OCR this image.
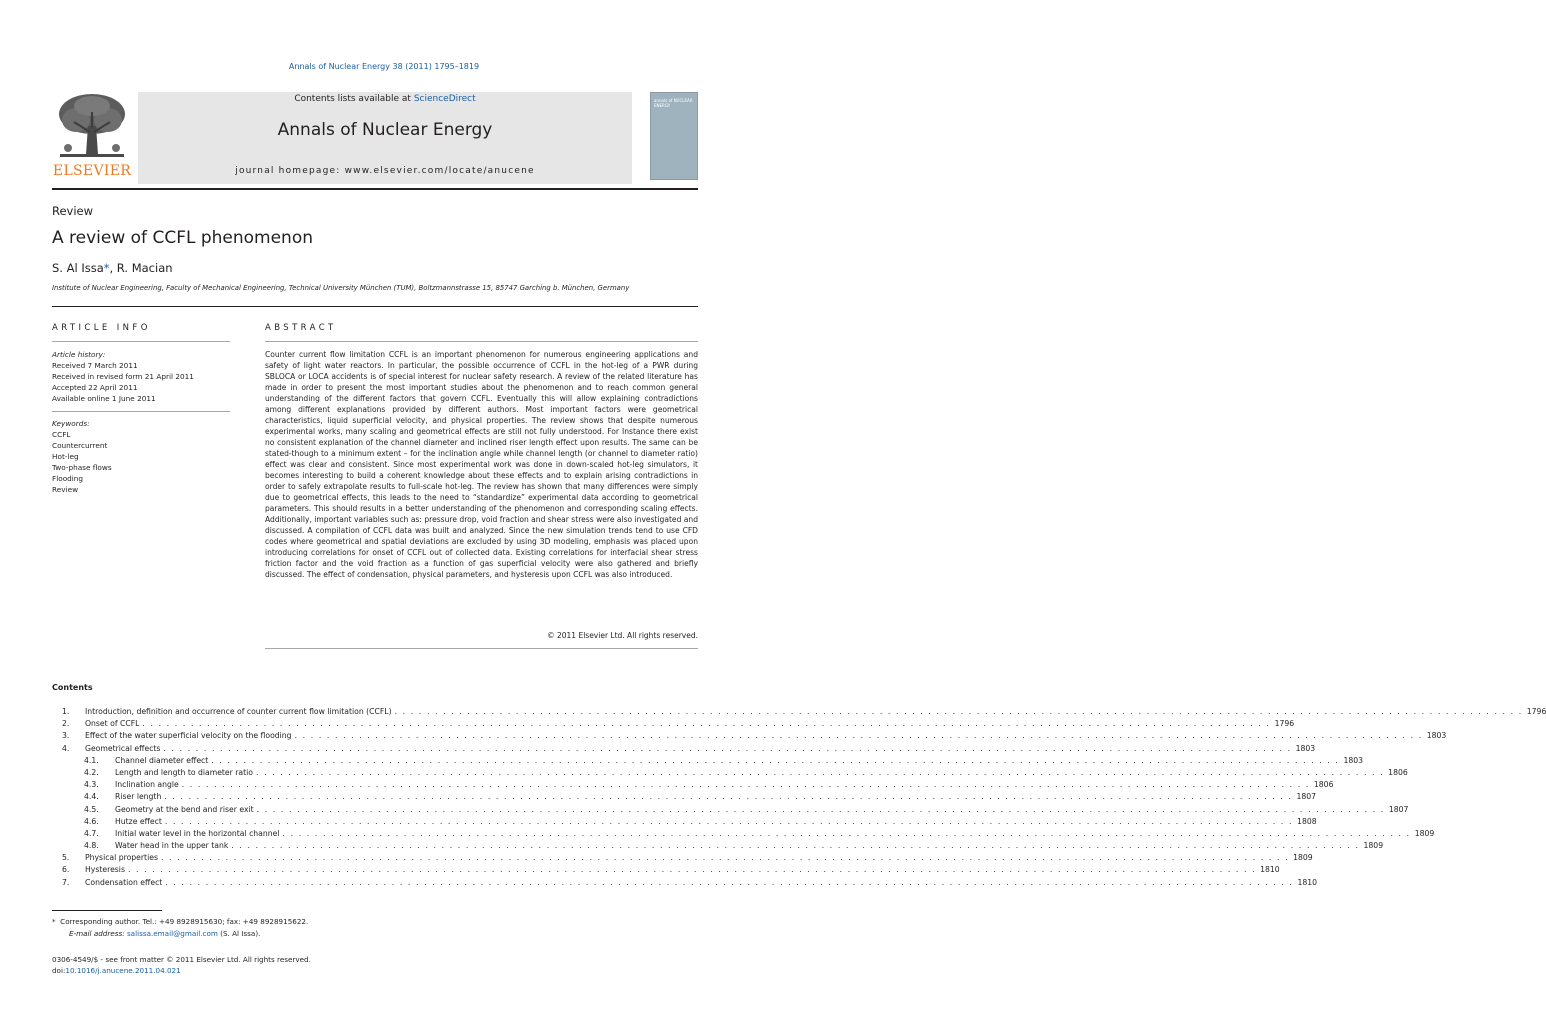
Annals of Nuclear Energy 38 (2011) 1795–1819
ELSEVIER
Contents lists available at ScienceDirect
Annals of Nuclear Energy
journal homepage: www.elsevier.com/locate/anucene
annals of NUCLEAR ENERGY
Review
A review of CCFL phenomenon
S. Al Issa*, R. Macian
Institute of Nuclear Engineering, Faculty of Mechanical Engineering, Technical University München (TUM), Boltzmannstrasse 15, 85747 Garching b. München, Germany
ARTICLE INFO
Article history:
Received 7 March 2011
Received in revised form 21 April 2011
Accepted 22 April 2011
Available online 1 June 2011
Keywords:
CCFL
Countercurrent
Hot-leg
Two-phase flows
Flooding
Review
ABSTRACT
Counter current flow limitation CCFL is an important phenomenon for numerous engineering applications and safety of light water reactors. In particular, the possible occurrence of CCFL in the hot-leg of a PWR during SBLOCA or LOCA accidents is of special interest for nuclear safety research. A review of the related literature has made in order to present the most important studies about the phenomenon and to reach common general understanding of the different factors that govern CCFL. Eventually this will allow explaining contradictions among different explanations provided by different authors. Most important factors were geometrical characteristics, liquid superficial velocity, and physical properties. The review shows that despite numerous experimental works, many scaling and geometrical effects are still not fully understood. For Instance there exist no consistent explanation of the channel diameter and inclined riser length effect upon results. The same can be stated-though to a minimum extent – for the inclination angle while channel length (or channel to diameter ratio) effect was clear and consistent. Since most experimental work was done in down-scaled hot-leg simulators, it becomes interesting to build a coherent knowledge about these effects and to explain arising contradictions in order to safely extrapolate results to full-scale hot-leg. The review has shown that many differences were simply due to geometrical effects, this leads to the need to “standardize” experimental data according to geometrical parameters. This should results in a better understanding of the phenomenon and corresponding scaling effects. Additionally, important variables such as: pressure drop, void fraction and shear stress were also investigated and discussed. A compilation of CCFL data was built and analyzed. Since the new simulation trends tend to use CFD codes where geometrical and spatial deviations are excluded by using 3D modeling, emphasis was placed upon introducing correlations for onset of CCFL out of collected data. Existing correlations for interfacial shear stress friction factor and the void fraction as a function of gas superficial velocity were also gathered and briefly discussed. The effect of condensation, physical parameters, and hysteresis upon CCFL was also introduced.
© 2011 Elsevier Ltd. All rights reserved.
Contents
1. Introduction, definition and occurrence of counter current flow limitation (CCFL) . . . . . . . . . . . . . . . . . . . . . . . . . . . . . . . . . . . . . . . . . . . . . . . . . . . . . . . . . . . . . . . . . . . . . . . . . . . . . . . . . . . . . . . . . . . . . . . . . . . . . . . . . . . . . . . . . . . . . . . . . . . . . . . . . . . . . . . . . . . . 1796
2. Onset of CCFL . . . . . . . . . . . . . . . . . . . . . . . . . . . . . . . . . . . . . . . . . . . . . . . . . . . . . . . . . . . . . . . . . . . . . . . . . . . . . . . . . . . . . . . . . . . . . . . . . . . . . . . . . . . . . . . . . . . . . . . . . . . . . . . . . . . . . . . . . . . . 1796
3. Effect of the water superficial velocity on the flooding . . . . . . . . . . . . . . . . . . . . . . . . . . . . . . . . . . . . . . . . . . . . . . . . . . . . . . . . . . . . . . . . . . . . . . . . . . . . . . . . . . . . . . . . . . . . . . . . . . . . . . . . . . . . . . . . . . . . . . . . . . . . . . . . . . . . . . . . . . . . 1803
4. Geometrical effects . . . . . . . . . . . . . . . . . . . . . . . . . . . . . . . . . . . . . . . . . . . . . . . . . . . . . . . . . . . . . . . . . . . . . . . . . . . . . . . . . . . . . . . . . . . . . . . . . . . . . . . . . . . . . . . . . . . . . . . . . . . . . . . . . . . . . . . . . . . . 1803
4.1. Channel diameter effect . . . . . . . . . . . . . . . . . . . . . . . . . . . . . . . . . . . . . . . . . . . . . . . . . . . . . . . . . . . . . . . . . . . . . . . . . . . . . . . . . . . . . . . . . . . . . . . . . . . . . . . . . . . . . . . . . . . . . . . . . . . . . . . . . . . . . . . . . . . . 1803
4.2. Length and length to diameter ratio . . . . . . . . . . . . . . . . . . . . . . . . . . . . . . . . . . . . . . . . . . . . . . . . . . . . . . . . . . . . . . . . . . . . . . . . . . . . . . . . . . . . . . . . . . . . . . . . . . . . . . . . . . . . . . . . . . . . . . . . . . . . . . . . . . . . . . . . . . . . 1806
4.3. Inclination angle . . . . . . . . . . . . . . . . . . . . . . . . . . . . . . . . . . . . . . . . . . . . . . . . . . . . . . . . . . . . . . . . . . . . . . . . . . . . . . . . . . . . . . . . . . . . . . . . . . . . . . . . . . . . . . . . . . . . . . . . . . . . . . . . . . . . . . . . . . . . 1806
4.4. Riser length . . . . . . . . . . . . . . . . . . . . . . . . . . . . . . . . . . . . . . . . . . . . . . . . . . . . . . . . . . . . . . . . . . . . . . . . . . . . . . . . . . . . . . . . . . . . . . . . . . . . . . . . . . . . . . . . . . . . . . . . . . . . . . . . . . . . . . . . . . . . 1807
4.5. Geometry at the bend and riser exit . . . . . . . . . . . . . . . . . . . . . . . . . . . . . . . . . . . . . . . . . . . . . . . . . . . . . . . . . . . . . . . . . . . . . . . . . . . . . . . . . . . . . . . . . . . . . . . . . . . . . . . . . . . . . . . . . . . . . . . . . . . . . . . . . . . . . . . . . . . . 1807
4.6. Hutze effect . . . . . . . . . . . . . . . . . . . . . . . . . . . . . . . . . . . . . . . . . . . . . . . . . . . . . . . . . . . . . . . . . . . . . . . . . . . . . . . . . . . . . . . . . . . . . . . . . . . . . . . . . . . . . . . . . . . . . . . . . . . . . . . . . . . . . . . . . . . . 1808
4.7. Initial water level in the horizontal channel . . . . . . . . . . . . . . . . . . . . . . . . . . . . . . . . . . . . . . . . . . . . . . . . . . . . . . . . . . . . . . . . . . . . . . . . . . . . . . . . . . . . . . . . . . . . . . . . . . . . . . . . . . . . . . . . . . . . . . . . . . . . . . . . . . . . . . . . . . . . 1809
4.8. Water head in the upper tank . . . . . . . . . . . . . . . . . . . . . . . . . . . . . . . . . . . . . . . . . . . . . . . . . . . . . . . . . . . . . . . . . . . . . . . . . . . . . . . . . . . . . . . . . . . . . . . . . . . . . . . . . . . . . . . . . . . . . . . . . . . . . . . . . . . . . . . . . . . . 1809
5. Physical properties . . . . . . . . . . . . . . . . . . . . . . . . . . . . . . . . . . . . . . . . . . . . . . . . . . . . . . . . . . . . . . . . . . . . . . . . . . . . . . . . . . . . . . . . . . . . . . . . . . . . . . . . . . . . . . . . . . . . . . . . . . . . . . . . . . . . . . . . . . . . 1809
6. Hysteresis . . . . . . . . . . . . . . . . . . . . . . . . . . . . . . . . . . . . . . . . . . . . . . . . . . . . . . . . . . . . . . . . . . . . . . . . . . . . . . . . . . . . . . . . . . . . . . . . . . . . . . . . . . . . . . . . . . . . . . . . . . . . . . . . . . . . . . . . . . . . 1810
7. Condensation effect . . . . . . . . . . . . . . . . . . . . . . . . . . . . . . . . . . . . . . . . . . . . . . . . . . . . . . . . . . . . . . . . . . . . . . . . . . . . . . . . . . . . . . . . . . . . . . . . . . . . . . . . . . . . . . . . . . . . . . . . . . . . . . . . . . . . . . . . . . . . 1810
* Corresponding author. Tel.: +49 8928915630; fax: +49 8928915622.
E-mail address: salissa.email@gmail.com (S. Al Issa).
0306-4549/$ - see front matter © 2011 Elsevier Ltd. All rights reserved.
doi:10.1016/j.anucene.2011.04.021
